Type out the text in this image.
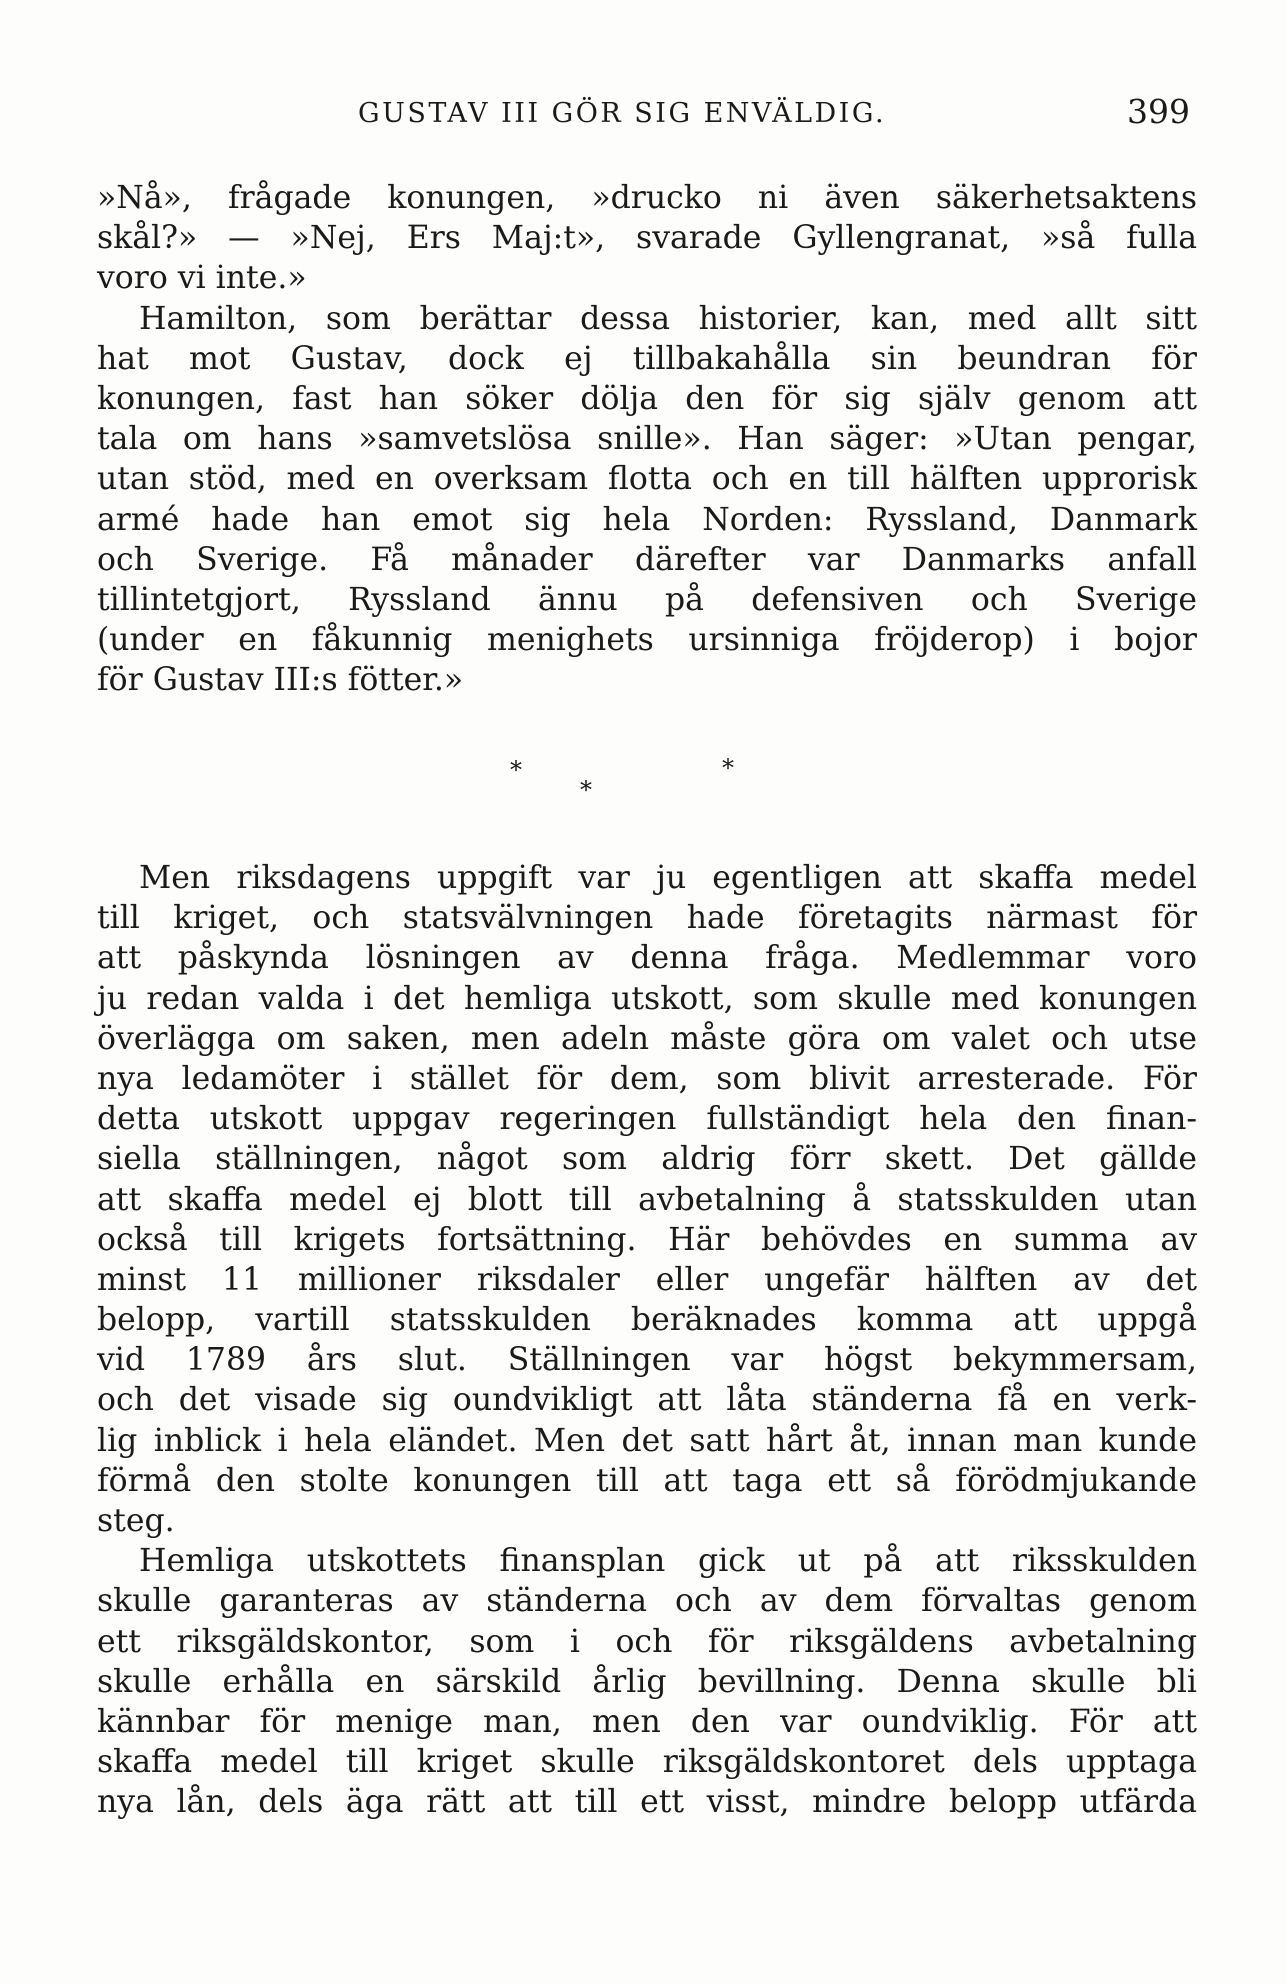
GUSTAV III GÖR SIG ENVÄLDIG.	399
»Nå», frågade konungen, »drucko ni även säkerhetsaktens
skål?» — »Nej, Ers Maj:t», svarade Gyllengranat, »så fulla
voro vi inte.»
Hamilton, som berättar dessa historier, kan, med allt sitt
hat mot Gustav, dock ej tillbakahålla sin beundran för
konungen, fast han söker dölja den för sig själv genom att
tala om hans »samvetslösa snille». Han säger: »Utan pengar,
utan stöd, med en overksam flotta och en till hälften upprorisk
armé hade han emot sig hela Norden: Ryssland, Danmark
och Sverige. Få månader därefter var Danmarks anfall
tillintetgjort, Ryssland ännu på defensiven och Sverige
(under en fåkunnig menighets ursinniga fröjderop) i bojor
för Gustav III:s fötter.»
*
*
*
Men riksdagens uppgift var ju egentligen att skaffa medel
till kriget, och statsvälvningen hade företagits närmast för
att påskynda lösningen av denna fråga. Medlemmar voro
ju redan valda i det hemliga utskott, som skulle med konungen
överlägga om saken, men adeln måste göra om valet och utse
nya ledamöter i stället för dem, som blivit arresterade. För
detta utskott uppgav regeringen fullständigt hela den finan-
siella ställningen, något som aldrig förr skett. Det gällde
att skaffa medel ej blott till avbetalning å statsskulden utan
också till krigets fortsättning. Här behövdes en summa av
minst 11 millioner riksdaler eller ungefär hälften av det
belopp, vartill statsskulden beräknades komma att uppgå
vid 1789 års slut. Ställningen var högst bekymmersam,
och det visade sig oundvikligt att låta ständerna få en verk-
lig inblick i hela eländet. Men det satt hårt åt, innan man kunde
förmå den stolte konungen till att taga ett så förödmjukande
steg.
Hemliga utskottets finansplan gick ut på att riksskulden
skulle garanteras av ständerna och av dem förvaltas genom
ett riksgäldskontor, som i och för riksgäldens avbetalning
skulle erhålla en särskild årlig bevillning. Denna skulle bli
kännbar för menige man, men den var oundviklig. För att
skaffa medel till kriget skulle riksgäldskontoret dels upptaga
nya lån, dels äga rätt att till ett visst, mindre belopp utfärda
